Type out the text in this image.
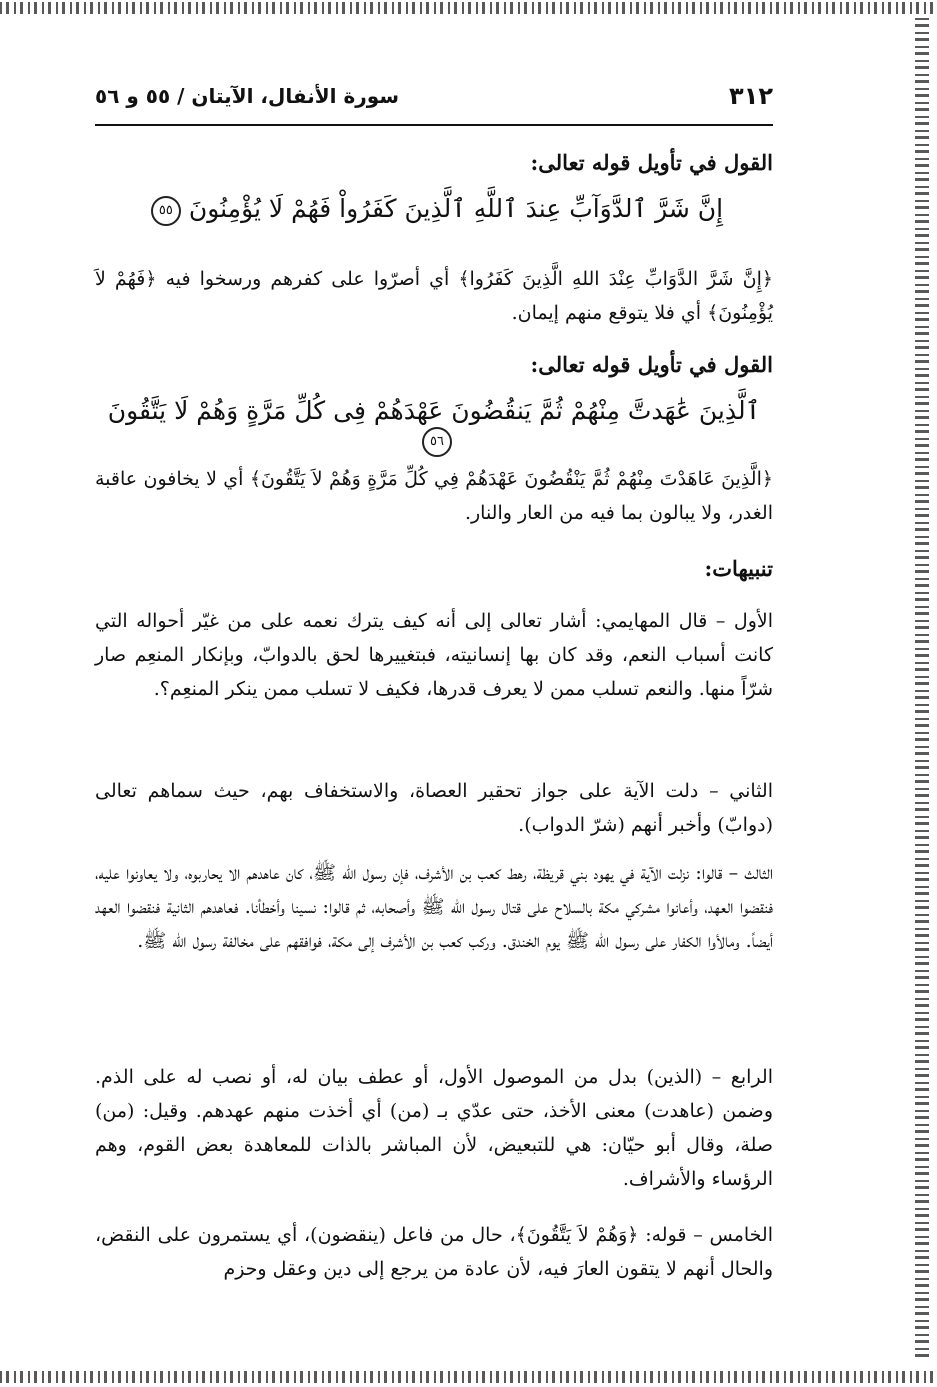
٣١٢
سورة الأنفال، الآيتان / ٥٥ و ٥٦
القول في تأويل قوله تعالى:
إِنَّ شَرَّ ٱلدَّوَآبِّ عِندَ ٱللَّهِ ٱلَّذِينَ كَفَرُواْ فَهُمْ لَا يُؤْمِنُونَ ٥٥
﴿إِنَّ شَرَّ الدَّوَابِّ عِنْدَ اللهِ الَّذِينَ كَفَرُوا﴾ أي أصرّوا على كفرهم ورسخوا فيه ﴿فَهُمْ لاَ يُؤْمِنُونَ﴾ أي فلا يتوقع منهم إيمان.
القول في تأويل قوله تعالى:
ٱلَّذِينَ عَٰهَدتَّ مِنْهُمْ ثُمَّ يَنقُضُونَ عَهْدَهُمْ فِى كُلِّ مَرَّةٍ وَهُمْ لَا يَتَّقُونَ ٥٦
﴿الَّذِينَ عَاهَدْتَ مِنْهُمْ ثُمَّ يَنْقُضُونَ عَهْدَهُمْ فِي كُلِّ مَرَّةٍ وَهُمْ لاَ يَتَّقُونَ﴾ أي لا يخافون عاقبة الغدر، ولا يبالون بما فيه من العار والنار.
تنبيهات:
الأول – قال المهايمي: أشار تعالى إلى أنه كيف يترك نعمه على من غيّر أحواله التي كانت أسباب النعم، وقد كان بها إنسانيته، فبتغييرها لحق بالدوابّ، وبإنكار المنعِم صار شرّاً منها. والنعم تسلب ممن لا يعرف قدرها، فكيف لا تسلب ممن ينكر المنعِم؟.
الثاني – دلت الآية على جواز تحقير العصاة، والاستخفاف بهم، حيث سماهم تعالى (دوابّ) وأخبر أنهم (شرّ الدواب).
الثالث – قالوا: نزلت الآية في يهود بني قريظة، رهط كعب بن الأشرف، فإن رسول الله ﷺ، كان عاهدهم الا يحاربوه، ولا يعاونوا عليه، فنقضوا العهد، وأعانوا مشركي مكة بالسلاح على قتال رسول الله ﷺ وأصحابه، ثم قالوا: نسينا وأخطأنا. فعاهدهم الثانية فنقضوا العهد أيضاً. ومالأوا الكفار على رسول الله ﷺ يوم الخندق. وركب كعب بن الأشرف إلى مكة، فوافقهم على مخالفة رسول الله ﷺ.
الرابع – (الذين) بدل من الموصول الأول، أو عطف بيان له، أو نصب له على الذم. وضمن (عاهدت) معنى الأخذ، حتى عدّي بـ (من) أي أخذت منهم عهدهم. وقيل: (من) صلة، وقال أبو حيّان: هي للتبعيض، لأن المباشر بالذات للمعاهدة بعض القوم، وهم الرؤساء والأشراف.
الخامس – قوله: ﴿وَهُمْ لاَ يَتَّقُونَ﴾، حال من فاعل (ينقضون)، أي يستمرون على النقض، والحال أنهم لا يتقون العارَ فيه، لأن عادة من يرجع إلى دين وعقل وحزم
